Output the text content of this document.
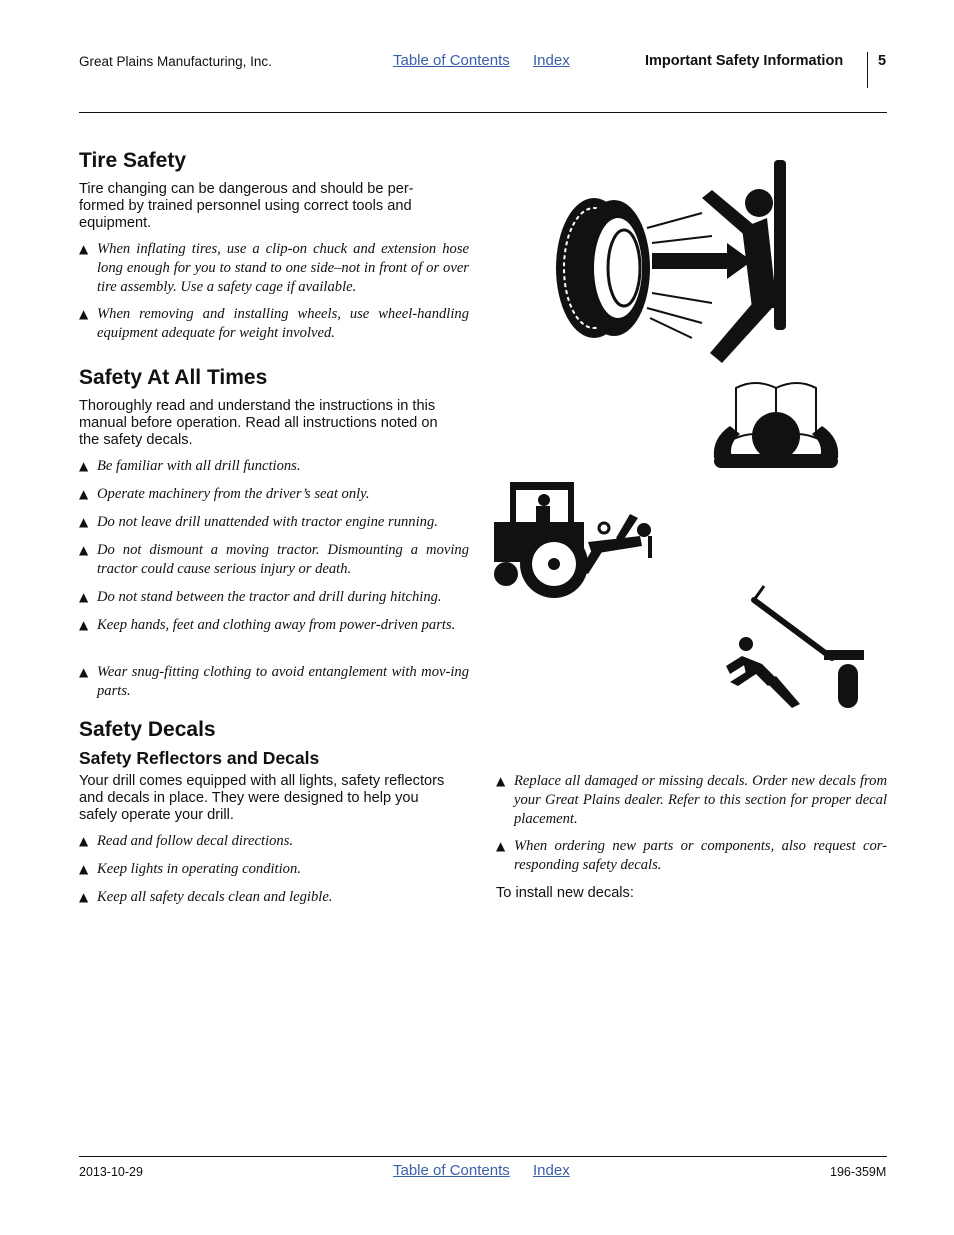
Great Plains Manufacturing, Inc.	Table of Contents Index	Important Safety Information 5
Tire Safety
Tire changing can be dangerous and should be per-
formed by trained personnel using correct tools and
equipment.
▲ When inflating tires, use a clip-on chuck and extension hose long enough for you to stand to one side–not in front of or over tire assembly. Use a safety cage if available.
▲ When removing and installing wheels, use wheel-handling equipment adequate for weight involved.
Safety At All Times
Thoroughly read and understand the instructions in this
manual before operation. Read all instructions noted on
the safety decals.
▲ Be familiar with all drill functions.
▲ Operate machinery from the driver’s seat only.
▲ Do not leave drill unattended with tractor engine running.
▲ Do not dismount a moving tractor. Dismounting a moving tractor could cause serious injury or death.
▲ Do not stand between the tractor and drill during hitching.
▲ Keep hands, feet and clothing away from power-driven parts.
▲ Wear snug-fitting clothing to avoid entanglement with mov-ing parts.
Safety Decals
Safety Reflectors and Decals
Your drill comes equipped with all lights, safety reflectors
and decals in place. They were designed to help you
safely operate your drill.
▲ Read and follow decal directions.
▲ Keep lights in operating condition.
▲ Keep all safety decals clean and legible.
▲ Replace all damaged or missing decals. Order new decals from your Great Plains dealer. Refer to this section for proper decal placement.
▲ When ordering new parts or components, also request cor-responding safety decals.
To install new decals:
2013-10-29	Table of Contents Index	196-359M
